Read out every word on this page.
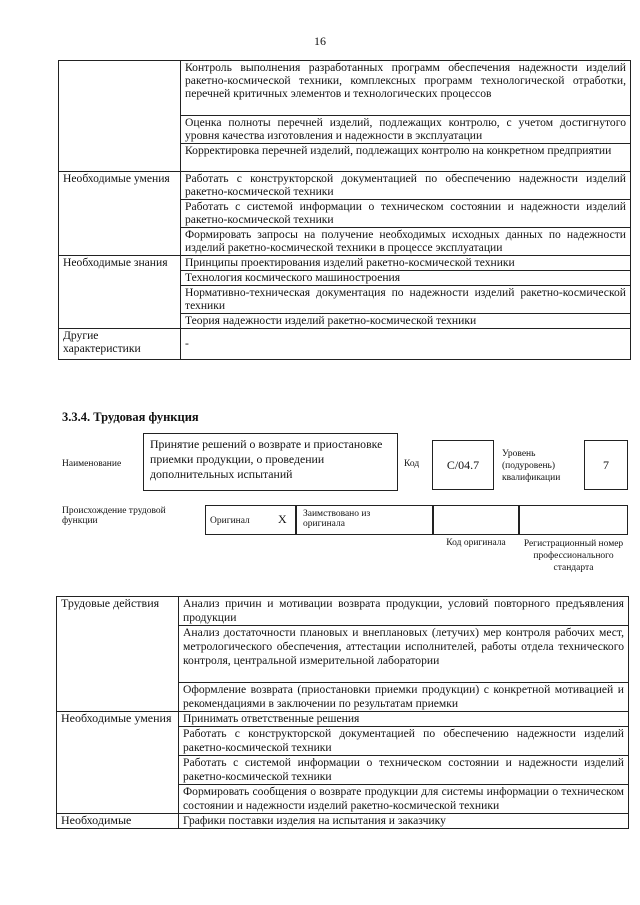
16
	Контроль выполнения разработанных программ обеспечения надежности изделий ракетно-космической техники, комплексных программ технологической отработки, перечней критичных элементов и технологических процессов
	Оценка полноты перечней изделий, подлежащих контролю, с учетом достигнутого уровня качества изготовления и надежности в эксплуатации
	Корректировка перечней изделий, подлежащих контролю на конкретном предприятии
Необходимые умения	Работать с конструкторской документацией по обеспечению надежности изделий ракетно-космической техники
	Работать с системой информации о техническом состоянии и надежности изделий ракетно-космической техники
	Формировать запросы на получение необходимых исходных данных по надежности изделий ракетно-космической техники в процессе эксплуатации
Необходимые знания	Принципы проектирования изделий ракетно-космической техники
	Технология космического машиностроения
	Нормативно-техническая документация по надежности изделий ракетно-космической техники
	Теория надежности изделий ракетно-космической техники
Другие характеристики	-
3.3.4. Трудовая функция
Наименование
Принятие решений о возврате и приостановке приемки продукции, о проведении дополнительных испытаний
Код	С/04.7
Уровень (подуровень) квалификации
7
Происхождение трудовой функции	Оригинал X Заимствовано из оригинала
Код оригинала	Регистрационный номер профессионального стандарта
Трудовые действия	Анализ причин и мотивации возврата продукции, условий повторного предъявления продукции
	Анализ достаточности плановых и внеплановых (летучих) мер контроля рабочих мест, метрологического обеспечения, аттестации исполнителей, работы отдела технического контроля, центральной измерительной лаборатории
	Оформление возврата (приостановки приемки продукции) с конкретной мотивацией и рекомендациями в заключении по результатам приемки
Необходимые умения	Принимать ответственные решения
	Работать с конструкторской документацией по обеспечению надежности изделий ракетно-космической техники
	Работать с системой информации о техническом состоянии и надежности изделий ракетно-космической техники
	Формировать сообщения о возврате продукции для системы информации о техническом состоянии и надежности изделий ракетно-космической техники
Необходимые	Графики поставки изделия на испытания и заказчику
